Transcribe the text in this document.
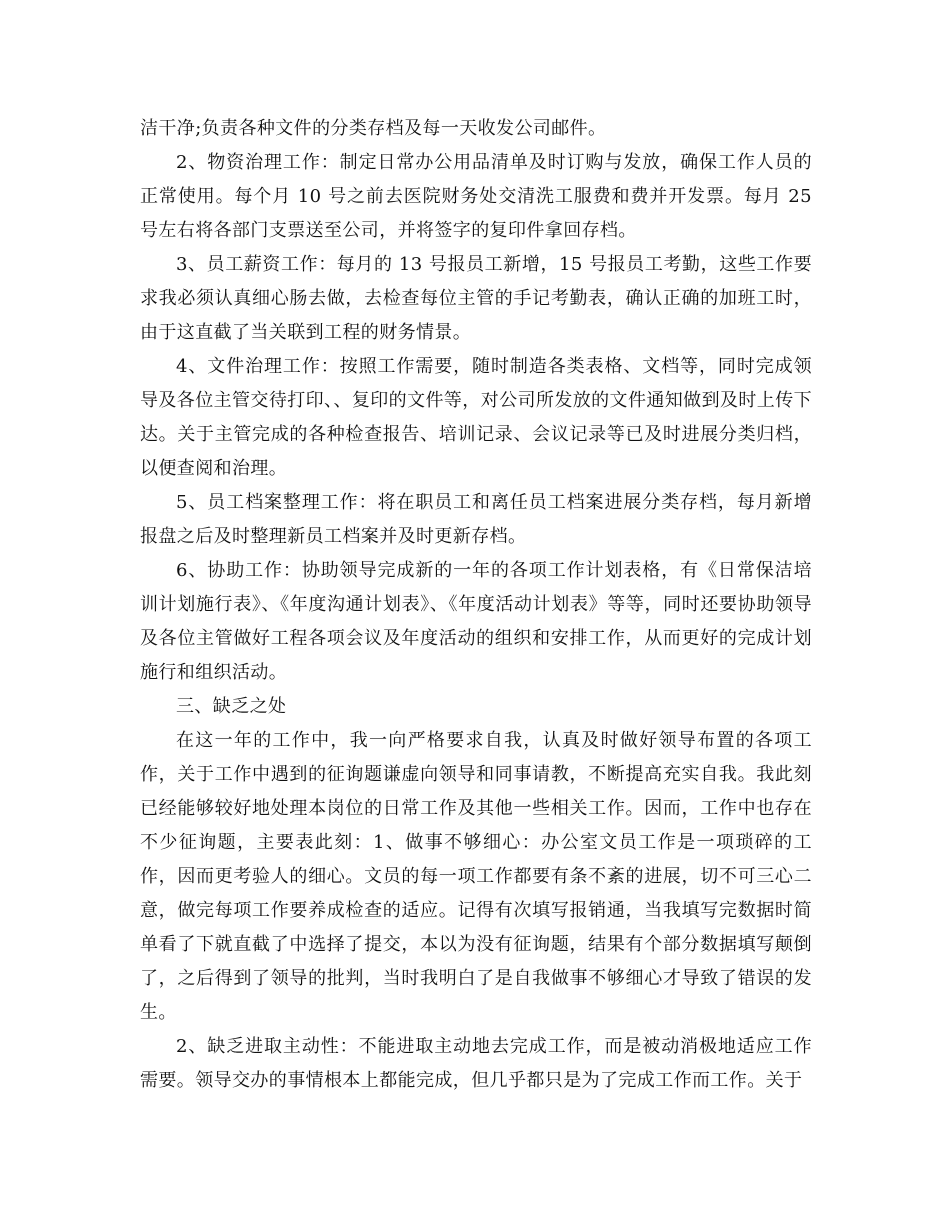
洁干净;负责各种文件的分类存档及每一天收发公司邮件。

2、物资治理工作：制定日常办公用品清单及时订购与发放，确保工作人员的正常使用。每个月 10 号之前去医院财务处交清洗工服费和费并开发票。每月 25 号左右将各部门支票送至公司，并将签字的复印件拿回存档。

3、员工薪资工作：每月的 13 号报员工新增，15 号报员工考勤，这些工作要求我必须认真细心肠去做，去检查每位主管的手记考勤表，确认正确的加班工时，由于这直截了当关联到工程的财务情景。

4、文件治理工作：按照工作需要，随时制造各类表格、文档等，同时完成领导及各位主管交待打印、、复印的文件等，对公司所发放的文件通知做到及时上传下达。关于主管完成的各种检查报告、培训记录、会议记录等已及时进展分类归档，以便查阅和治理。

5、员工档案整理工作：将在职员工和离任员工档案进展分类存档，每月新增报盘之后及时整理新员工档案并及时更新存档。

6、协助工作：协助领导完成新的一年的各项工作计划表格，有《日常保洁培训计划施行表》、《年度沟通计划表》、《年度活动计划表》等等，同时还要协助领导及各位主管做好工程各项会议及年度活动的组织和安排工作，从而更好的完成计划施行和组织活动。

三、缺乏之处

在这一年的工作中，我一向严格要求自我，认真及时做好领导布置的各项工作，关于工作中遇到的征询题谦虚向领导和同事请教，不断提高充实自我。我此刻已经能够较好地处理本岗位的日常工作及其他一些相关工作。因而，工作中也存在不少征询题，主要表此刻：1、做事不够细心：办公室文员工作是一项琐碎的工作，因而更考验人的细心。文员的每一项工作都要有条不紊的进展，切不可三心二意，做完每项工作要养成检查的适应。记得有次填写报销通，当我填写完数据时简单看了下就直截了中选择了提交，本以为没有征询题，结果有个部分数据填写颠倒了，之后得到了领导的批判，当时我明白了是自我做事不够细心才导致了错误的发生。

2、缺乏进取主动性：不能进取主动地去完成工作，而是被动消极地适应工作需要。领导交办的事情根本上都能完成，但几乎都只是为了完成工作而工作。关于
